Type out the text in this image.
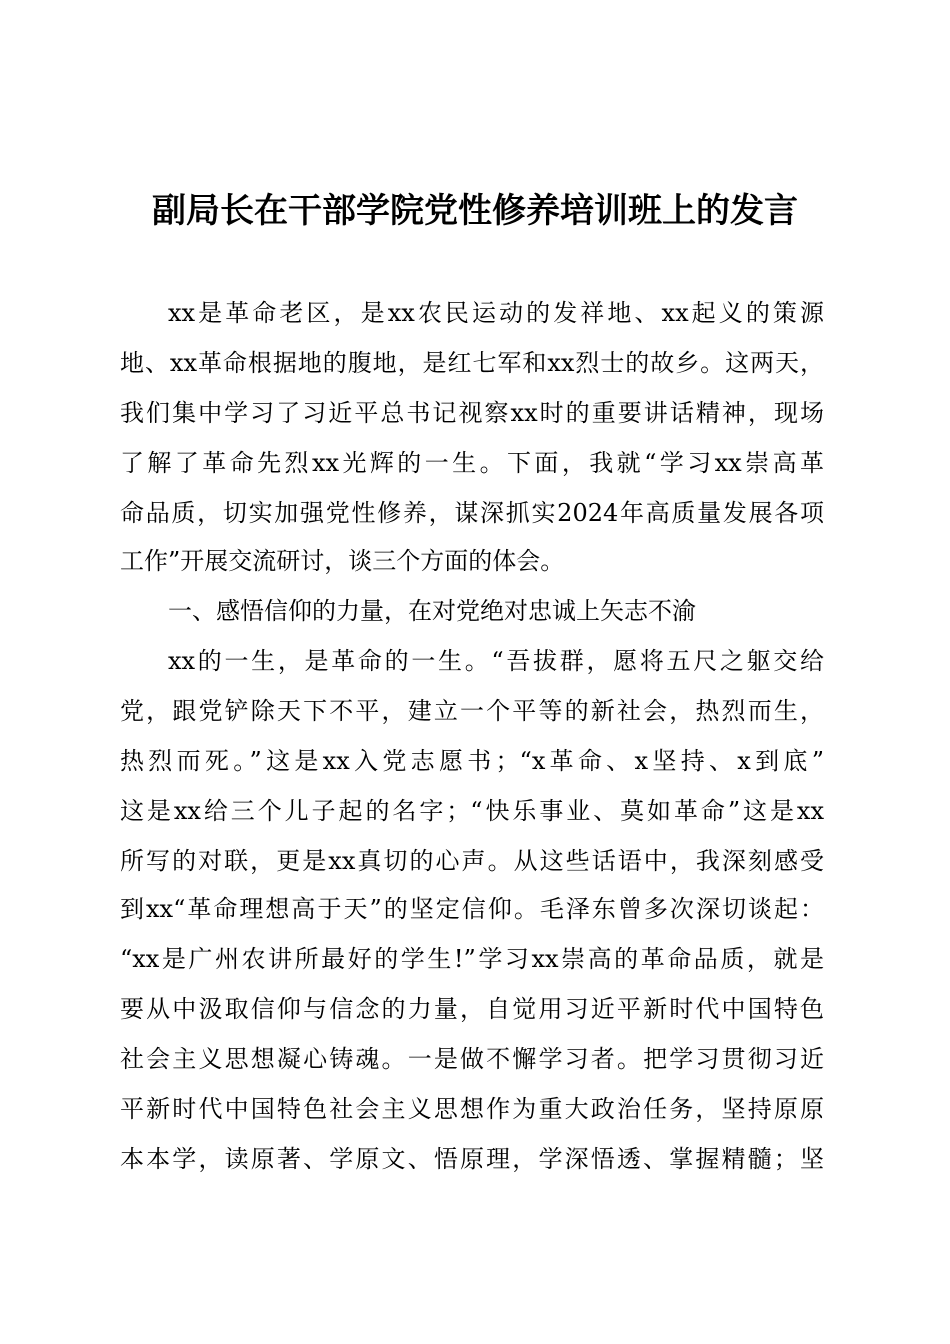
副局长在干部学院党性修养培训班上的发言
xx是革命老区，是xx农民运动的发祥地、xx起义的策源
地、xx革命根据地的腹地，是红七军和xx烈士的故乡。这两天，
我们集中学习了习近平总书记视察xx时的重要讲话精神，现场
了解了革命先烈xx光辉的一生。下面，我就“学习xx崇高革
命品质，切实加强党性修养，谋深抓实2024年高质量发展各项
工作”开展交流研讨，谈三个方面的体会。
一、感悟信仰的力量，在对党绝对忠诚上矢志不渝
xx的一生，是革命的一生。“吾拔群，愿将五尺之躯交给
党，跟党铲除天下不平，建立一个平等的新社会，热烈而生，
热烈而死。”这是xx入党志愿书；“x革命、x坚持、x到底”
这是xx给三个儿子起的名字；“快乐事业、莫如革命”这是xx
所写的对联，更是xx真切的心声。从这些话语中，我深刻感受
到xx“革命理想高于天”的坚定信仰。毛泽东曾多次深切谈起：
“xx是广州农讲所最好的学生!”学习xx崇高的革命品质，就是
要从中汲取信仰与信念的力量，自觉用习近平新时代中国特色
社会主义思想凝心铸魂。一是做不懈学习者。把学习贯彻习近
平新时代中国特色社会主义思想作为重大政治任务，坚持原原
本本学，读原著、学原文、悟原理，学深悟透、掌握精髓；坚
